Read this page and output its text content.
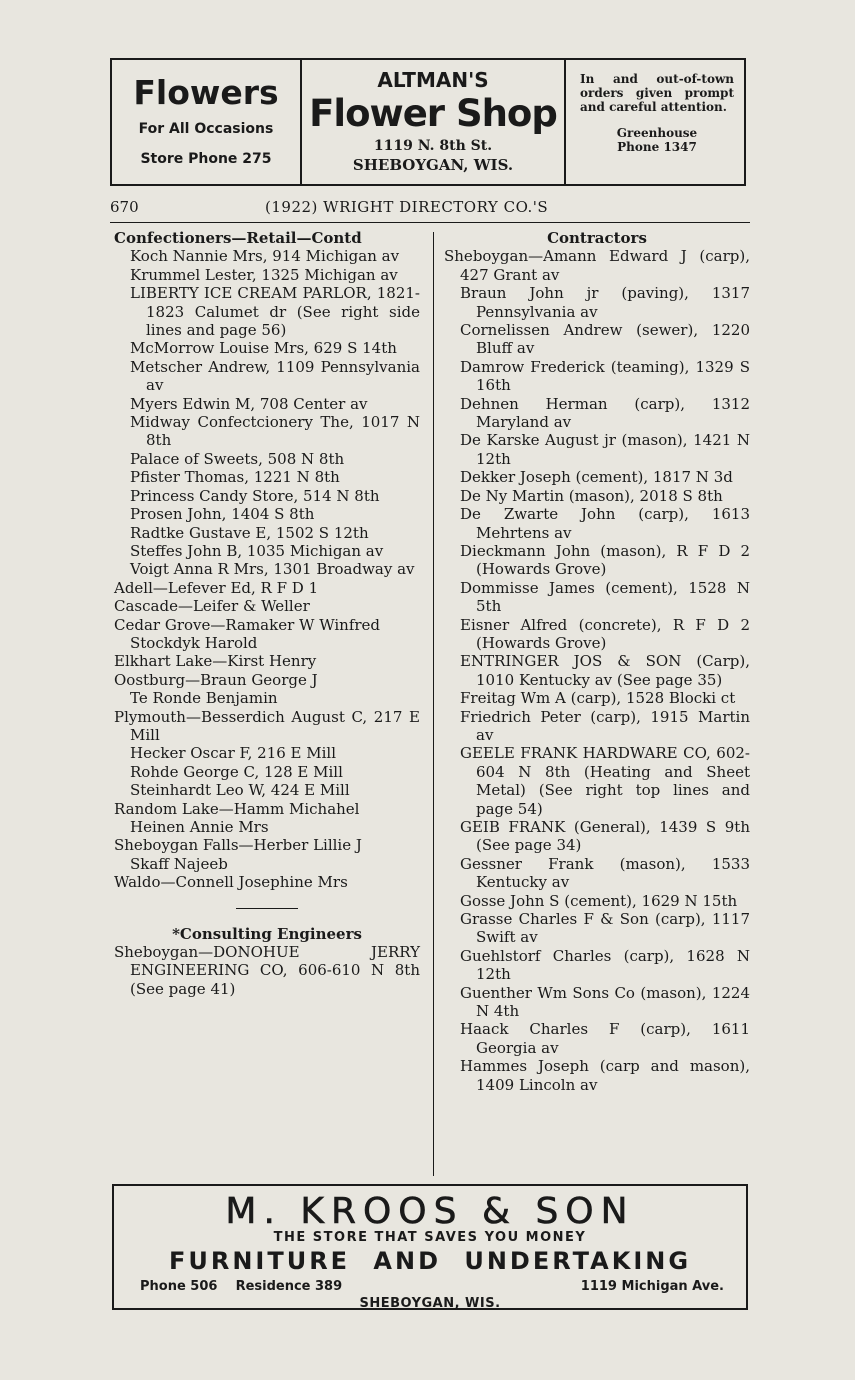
Flowers
For All Occasions
Store Phone 275
ALTMAN'S
Flower Shop
1119 N. 8th St.
SHEBOYGAN, WIS.
In and out-of-town orders given prompt and careful attention.
Greenhouse
Phone 1347
670	(1922) WRIGHT DIRECTORY CO.'S

Confectioners—Retail—Contd

Koch Nannie Mrs, 914 Michigan av

Krummel Lester, 1325 Michigan av

LIBERTY ICE CREAM PARLOR, 1821-1823 Calumet dr (See right side lines and page 56)

McMorrow Louise Mrs, 629 S 14th

Metscher Andrew, 1109 Pennsylvania av

Myers Edwin M, 708 Center av

Midway Confectcionery The, 1017 N 8th

Palace of Sweets, 508 N 8th

Pfister Thomas, 1221 N 8th

Princess Candy Store, 514 N 8th

Prosen John, 1404 S 8th

Radtke Gustave E, 1502 S 12th

Steffes John B, 1035 Michigan av

Voigt Anna R Mrs, 1301 Broadway av

Adell—Lefever Ed, R F D 1

Cascade—Leifer & Weller

Cedar Grove—Ramaker W Winfred

Stockdyk Harold

Elkhart Lake—Kirst Henry

Oostburg—Braun George J

Te Ronde Benjamin

Plymouth—Besserdich August C, 217 E Mill

Hecker Oscar F, 216 E Mill

Rohde George C, 128 E Mill

Steinhardt Leo W, 424 E Mill

Random Lake—Hamm Michahel

Heinen Annie Mrs

Sheboygan Falls—Herber Lillie J

Skaff Najeeb

Waldo—Connell Josephine Mrs

*Consulting Engineers

Sheboygan—DONOHUE JERRY ENGINEERING CO, 606-610 N 8th (See page 41)

Contractors

Sheboygan—Amann Edward J (carp), 427 Grant av

Braun John jr (paving), 1317 Pennsylvania av

Cornelissen Andrew (sewer), 1220 Bluff av

Damrow Frederick (teaming), 1329 S 16th

Dehnen Herman (carp), 1312 Maryland av

De Karske August jr (mason), 1421 N 12th

Dekker Joseph (cement), 1817 N 3d

De Ny Martin (mason), 2018 S 8th

De Zwarte John (carp), 1613 Mehrtens av

Dieckmann John (mason), R F D 2 (Howards Grove)

Dommisse James (cement), 1528 N 5th

Eisner Alfred (concrete), R F D 2 (Howards Grove)

ENTRINGER JOS & SON (Carp), 1010 Kentucky av (See page 35)

Freitag Wm A (carp), 1528 Blocki ct

Friedrich Peter (carp), 1915 Martin av

GEELE FRANK HARDWARE CO, 602-604 N 8th (Heating and Sheet Metal) (See right top lines and page 54)

GEIB FRANK (General), 1439 S 9th (See page 34)

Gessner Frank (mason), 1533 Kentucky av

Gosse John S (cement), 1629 N 15th

Grasse Charles F & Son (carp), 1117 Swift av

Guehlstorf Charles (carp), 1628 N 12th

Guenther Wm Sons Co (mason), 1224 N 4th

Haack Charles F (carp), 1611 Georgia av

Hammes Joseph (carp and mason), 1409 Lincoln av

M. KROOS & SON
THE STORE THAT SAVES YOU MONEY
FURNITURE AND UNDERTAKING
Phone 506 Residence 389	1119 Michigan Ave.
SHEBOYGAN, WIS.
